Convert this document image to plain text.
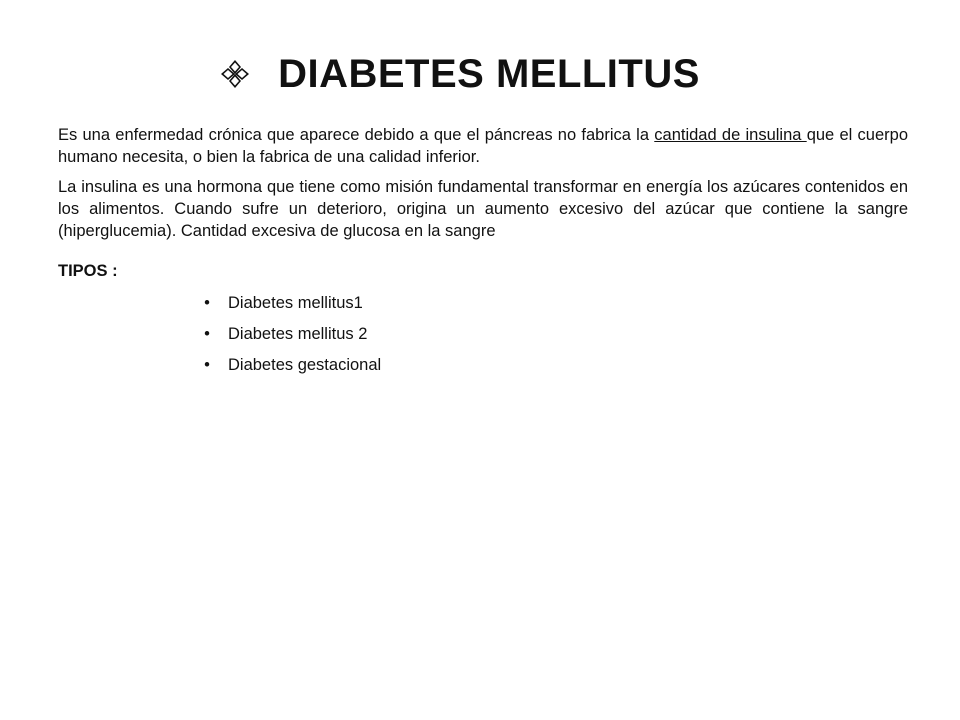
DIABETES MELLITUS

Es una enfermedad crónica que aparece debido a que el páncreas no fabrica la cantidad de insulina que el cuerpo humano necesita, o bien la fabrica de una calidad inferior.

La insulina es una hormona que tiene como misión fundamental transformar en energía los azúcares contenidos en los alimentos. Cuando sufre un deterioro, origina un aumento excesivo del azúcar que contiene la sangre (hiperglucemia). Cantidad excesiva de glucosa en la sangre

TIPOS :
• Diabetes mellitus1
• Diabetes mellitus 2
• Diabetes gestacional
